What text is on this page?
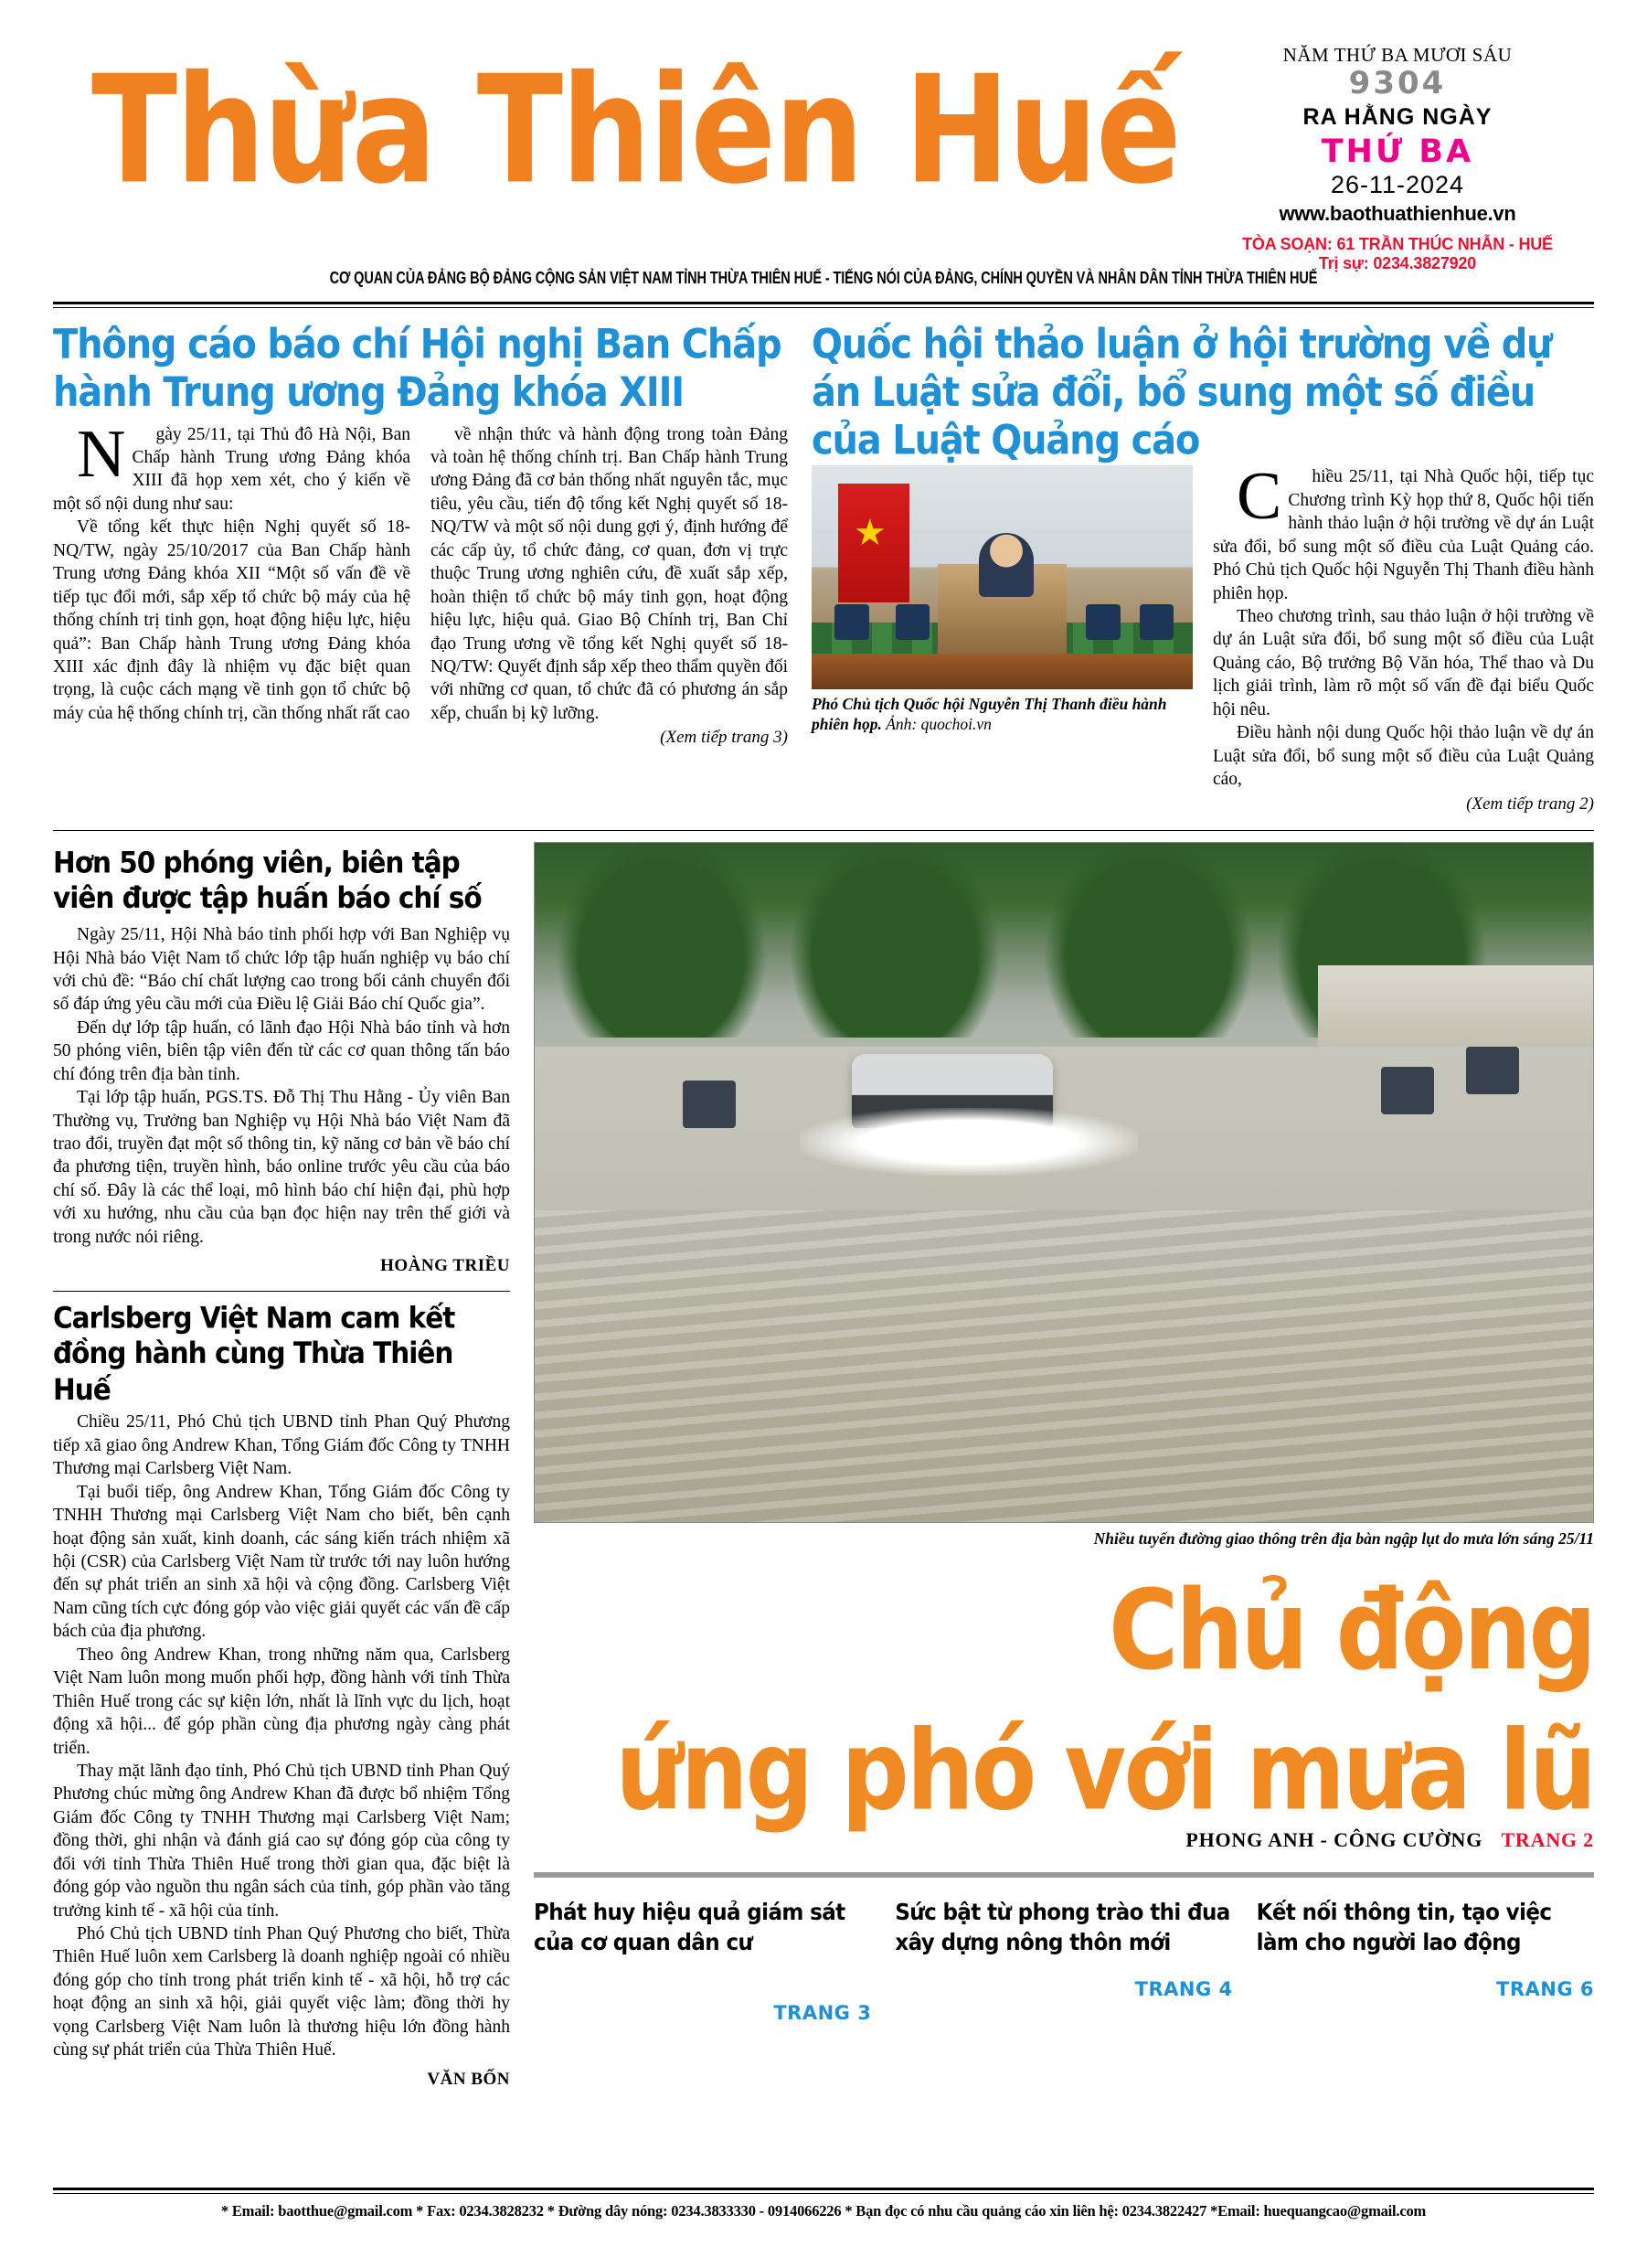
Thừa Thiên Huế	NĂM THỨ BA MƯƠI SÁU
9304
RA HẰNG NGÀY
THỨ BA
26-11-2024
www.baothuathienhue.vn
TÒA SOẠN: 61 TRẦN THÚC NHẪN - HUẾ
Trị sự: 0234.3827920
CƠ QUAN CỦA ĐẢNG BỘ ĐẢNG CỘNG SẢN VIỆT NAM TỈNH THỪA THIÊN HUẾ - TIẾNG NÓI CỦA ĐẢNG, CHÍNH QUYỀN VÀ NHÂN DÂN TỈNH THỪA THIÊN HUẾ
Thông cáo báo chí Hội nghị Ban Chấp hành Trung ương Đảng khóa XIII

N	gày 25/11, tại Thủ đô Hà Nội, Ban Chấp hành Trung ương Đảng khóa XIII đã họp xem xét, cho ý kiến về một số nội dung như sau:

Về tổng kết thực hiện Nghị quyết số 18-NQ/TW, ngày 25/10/2017 của Ban Chấp hành Trung ương Đảng khóa XII “Một số vấn đề về tiếp tục đổi mới, sắp xếp tổ chức bộ máy của hệ thống chính trị tinh gọn, hoạt động hiệu lực, hiệu quả”: Ban Chấp hành Trung ương Đảng khóa XIII xác định đây là nhiệm vụ đặc biệt quan trọng, là cuộc cách mạng về tinh gọn tổ chức bộ máy của hệ thống chính trị, cần thống nhất rất cao

về nhận thức và hành động trong toàn Đảng và toàn hệ thống chính trị. Ban Chấp hành Trung ương Đảng đã cơ bản thống nhất nguyên tắc, mục tiêu, yêu cầu, tiến độ tổng kết Nghị quyết số 18-NQ/TW và một số nội dung gợi ý, định hướng để các cấp ủy, tổ chức đảng, cơ quan, đơn vị trực thuộc Trung ương nghiên cứu, đề xuất sắp xếp, hoàn thiện tổ chức bộ máy tinh gọn, hoạt động hiệu lực, hiệu quả. Giao Bộ Chính trị, Ban Chỉ đạo Trung ương về tổng kết Nghị quyết số 18-NQ/TW: Quyết định sắp xếp theo thẩm quyền đối với những cơ quan, tổ chức đã có phương án sắp xếp, chuẩn bị kỹ lưỡng.

(Xem tiếp trang 3)
Quốc hội thảo luận ở hội trường về dự án Luật sửa đổi, bổ sung một số điều của Luật Quảng cáo
★
Phó Chủ tịch Quốc hội Nguyễn Thị Thanh điều hành phiên họp. Ảnh: quochoi.vn

C	hiều 25/11, tại Nhà Quốc hội, tiếp tục Chương trình Kỳ họp thứ 8, Quốc hội tiến hành thảo luận ở hội trường về dự án Luật sửa đổi, bổ sung một số điều của Luật Quảng cáo. Phó Chủ tịch Quốc hội Nguyễn Thị Thanh điều hành phiên họp.

Theo chương trình, sau thảo luận ở hội trường về dự án Luật sửa đổi, bổ sung một số điều của Luật Quảng cáo, Bộ trưởng Bộ Văn hóa, Thể thao và Du lịch giải trình, làm rõ một số vấn đề đại biểu Quốc hội nêu.

Điều hành nội dung Quốc hội thảo luận về dự án Luật sửa đổi, bổ sung một số điều của Luật Quảng cáo,

(Xem tiếp trang 2)
Hơn 50 phóng viên, biên tập viên được tập huấn báo chí số

Ngày 25/11, Hội Nhà báo tỉnh phối hợp với Ban Nghiệp vụ Hội Nhà báo Việt Nam tổ chức lớp tập huấn nghiệp vụ báo chí với chủ đề: “Báo chí chất lượng cao trong bối cảnh chuyển đổi số đáp ứng yêu cầu mới của Điều lệ Giải Báo chí Quốc gia”.

Đến dự lớp tập huấn, có lãnh đạo Hội Nhà báo tỉnh và hơn 50 phóng viên, biên tập viên đến từ các cơ quan thông tấn báo chí đóng trên địa bàn tỉnh.

Tại lớp tập huấn, PGS.TS. Đỗ Thị Thu Hằng - Ủy viên Ban Thường vụ, Trưởng ban Nghiệp vụ Hội Nhà báo Việt Nam đã trao đổi, truyền đạt một số thông tin, kỹ năng cơ bản về báo chí đa phương tiện, truyền hình, báo online trước yêu cầu của báo chí số. Đây là các thể loại, mô hình báo chí hiện đại, phù hợp với xu hướng, nhu cầu của bạn đọc hiện nay trên thế giới và trong nước nói riêng.

HOÀNG TRIỀU
Carlsberg Việt Nam cam kết đồng hành cùng Thừa Thiên Huế

Chiều 25/11, Phó Chủ tịch UBND tỉnh Phan Quý Phương tiếp xã giao ông Andrew Khan, Tổng Giám đốc Công ty TNHH Thương mại Carlsberg Việt Nam.

Tại buổi tiếp, ông Andrew Khan, Tổng Giám đốc Công ty TNHH Thương mại Carlsberg Việt Nam cho biết, bên cạnh hoạt động sản xuất, kinh doanh, các sáng kiến trách nhiệm xã hội (CSR) của Carlsberg Việt Nam từ trước tới nay luôn hướng đến sự phát triển an sinh xã hội và cộng đồng. Carlsberg Việt Nam cũng tích cực đóng góp vào việc giải quyết các vấn đề cấp bách của địa phương.

Theo ông Andrew Khan, trong những năm qua, Carlsberg Việt Nam luôn mong muốn phối hợp, đồng hành với tỉnh Thừa Thiên Huế trong các sự kiện lớn, nhất là lĩnh vực du lịch, hoạt động xã hội... để góp phần cùng địa phương ngày càng phát triển.

Thay mặt lãnh đạo tỉnh, Phó Chủ tịch UBND tỉnh Phan Quý Phương chúc mừng ông Andrew Khan đã được bổ nhiệm Tổng Giám đốc Công ty TNHH Thương mại Carlsberg Việt Nam; đồng thời, ghi nhận và đánh giá cao sự đóng góp của công ty đối với tỉnh Thừa Thiên Huế trong thời gian qua, đặc biệt là đóng góp vào nguồn thu ngân sách của tỉnh, góp phần vào tăng trưởng kinh tế - xã hội của tỉnh.

Phó Chủ tịch UBND tỉnh Phan Quý Phương cho biết, Thừa Thiên Huế luôn xem Carlsberg là doanh nghiệp ngoài có nhiều đóng góp cho tỉnh trong phát triển kinh tế - xã hội, hỗ trợ các hoạt động an sinh xã hội, giải quyết việc làm; đồng thời hy vọng Carlsberg Việt Nam luôn là thương hiệu lớn đồng hành cùng sự phát triển của Thừa Thiên Huế.

VĂN BỐN
Nhiều tuyến đường giao thông trên địa bàn ngập lụt do mưa lớn sáng 25/11
Chủ động
ứng phó với mưa lũ
PHONG ANH - CÔNG CƯỜNG TRANG 2
Phát huy hiệu quả giám sát của cơ quan dân cư
TRANG 3
Sức bật từ phong trào thi đua xây dựng nông thôn mới
TRANG 4
Kết nối thông tin, tạo việc làm cho người lao động
TRANG 6
* Email: baotthue@gmail.com * Fax: 0234.3828232 * Đường dây nóng: 0234.3833330 - 0914066226 * Bạn đọc có nhu cầu quảng cáo xin liên hệ: 0234.3822427 *Email: huequangcao@gmail.com
